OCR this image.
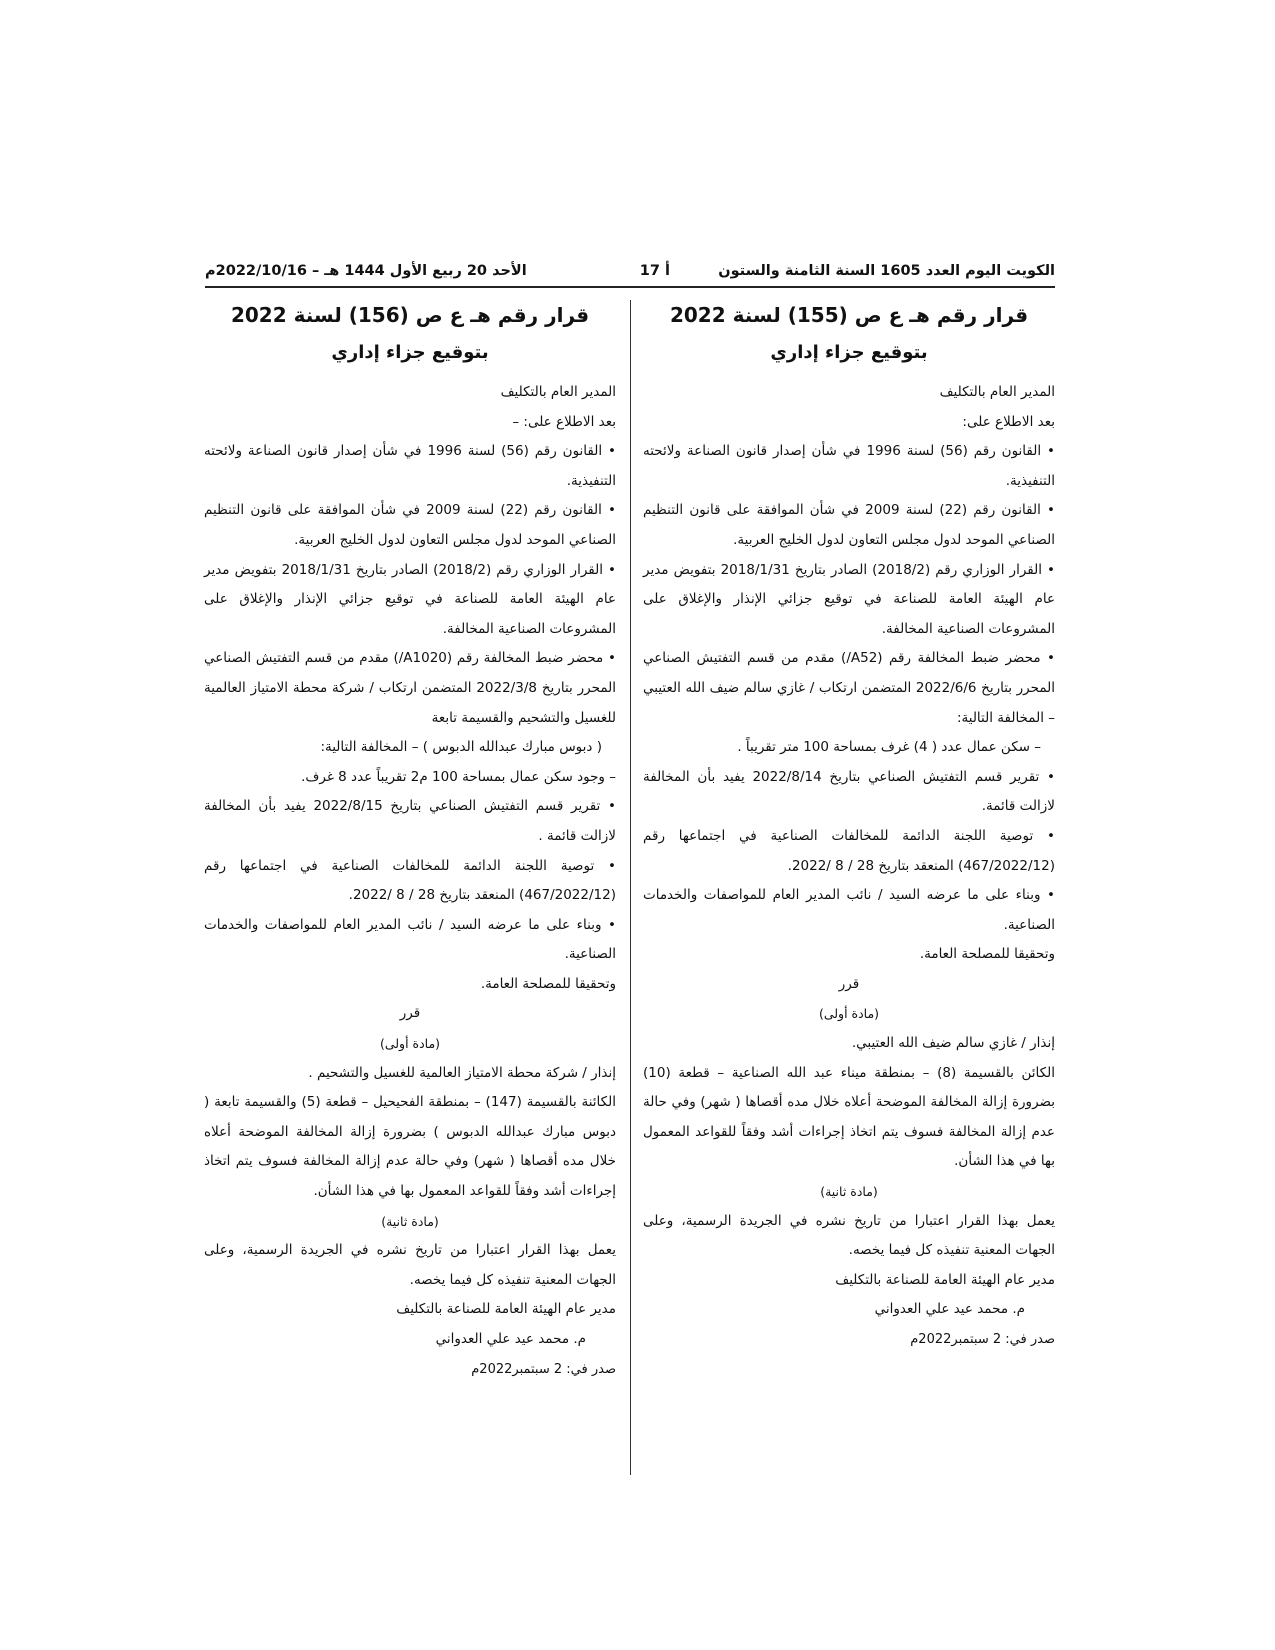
الكويت اليوم العدد 1605 السنة الثامنة والستون
أ 17
الأحد 20 ربيع الأول 1444 هـ – 2022/10/16م
قرار رقم هـ ع ص (155) لسنة 2022
بتوقيع جزاء إداري

المدير العام بالتكليف

بعد الاطلاع على:

• القانون رقم (56) لسنة 1996 في شأن إصدار قانون الصناعة ولائحته التنفيذية.

• القانون رقم (22) لسنة 2009 في شأن الموافقة على قانون التنظيم الصناعي الموحد لدول مجلس التعاون لدول الخليج العربية.

• القرار الوزاري رقم (2018/2) الصادر بتاريخ 2018/1/31 بتفويض مدير عام الهيئة العامة للصناعة في توقيع جزائي الإنذار والإغلاق على المشروعات الصناعية المخالفة.

• محضر ضبط المخالفة رقم (A52/) مقدم من قسم التفتيش الصناعي المحرر بتاريخ 2022/6/6 المتضمن ارتكاب / غازي سالم ضيف الله العتيبي – المخالفة التالية:

– سكن عمال عدد ( 4) غرف بمساحة 100 متر تقريباً .

• تقرير قسم التفتيش الصناعي بتاريخ 2022/8/14 يفيد بأن المخالفة لازالت قائمة.

• توصية اللجنة الدائمة للمخالفات الصناعية في اجتماعها رقم (467/2022/12) المنعقد بتاريخ 28 / 8 /2022.

• وبناء على ما عرضه السيد / نائب المدير العام للمواصفات والخدمات الصناعية.

وتحقيقا للمصلحة العامة.

قرر

(مادة أولى)

إنذار / غازي سالم ضيف الله العتيبي.

الكائن بالقسيمة (8) – بمنطقة ميناء عبد الله الصناعية – قطعة (10) بضرورة إزالة المخالفة الموضحة أعلاه خلال مده أقصاها ( شهر) وفي حالة عدم إزالة المخالفة فسوف يتم اتخاذ إجراءات أشد وفقاً للقواعد المعمول بها في هذا الشأن.

(مادة ثانية)

يعمل بهذا القرار اعتبارا من تاريخ نشره في الجريدة الرسمية، وعلى الجهات المعنية تنفيذه كل فيما يخصه.

مدير عام الهيئة العامة للصناعة بالتكليف

م. محمد عيد علي العدواني

صدر في: 2 سبتمبر2022م

قرار رقم هـ ع ص (156) لسنة 2022
بتوقيع جزاء إداري

المدير العام بالتكليف

بعد الاطلاع على: –

• القانون رقم (56) لسنة 1996 في شأن إصدار قانون الصناعة ولائحته التنفيذية.

• القانون رقم (22) لسنة 2009 في شأن الموافقة على قانون التنظيم الصناعي الموحد لدول مجلس التعاون لدول الخليج العربية.

• القرار الوزاري رقم (2018/2) الصادر بتاريخ 2018/1/31 بتفويض مدير عام الهيئة العامة للصناعة في توقيع جزائي الإنذار والإغلاق على المشروعات الصناعية المخالفة.

• محضر ضبط المخالفة رقم (A1020/) مقدم من قسم التفتيش الصناعي المحرر بتاريخ 2022/3/8 المتضمن ارتكاب / شركة محطة الامتياز العالمية للغسيل والتشحيم والقسيمة تابعة

( دبوس مبارك عبدالله الدبوس ) – المخالفة التالية:

– وجود سكن عمال بمساحة 100 م2 تقريباً عدد 8 غرف.

• تقرير قسم التفتيش الصناعي بتاريخ 2022/8/15 يفيد بأن المخالفة لازالت قائمة .

• توصية اللجنة الدائمة للمخالفات الصناعية في اجتماعها رقم (467/2022/12) المنعقد بتاريخ 28 / 8 /2022.

• وبناء على ما عرضه السيد / نائب المدير العام للمواصفات والخدمات الصناعية.

وتحقيقا للمصلحة العامة.

قرر

(مادة أولى)

إنذار / شركة محطة الامتياز العالمية للغسيل والتشحيم .

الكائنة بالقسيمة (147) – بمنطقة الفحيحيل – قطعة (5) والقسيمة تابعة ( دبوس مبارك عبدالله الدبوس ) بضرورة إزالة المخالفة الموضحة أعلاه خلال مده أقصاها ( شهر) وفي حالة عدم إزالة المخالفة فسوف يتم اتخاذ إجراءات أشد وفقاً للقواعد المعمول بها في هذا الشأن.

(مادة ثانية)

يعمل بهذا القرار اعتبارا من تاريخ نشره في الجريدة الرسمية، وعلى الجهات المعنية تنفيذه كل فيما يخصه.

مدير عام الهيئة العامة للصناعة بالتكليف

م. محمد عيد علي العدواني

صدر في: 2 سبتمبر2022م
